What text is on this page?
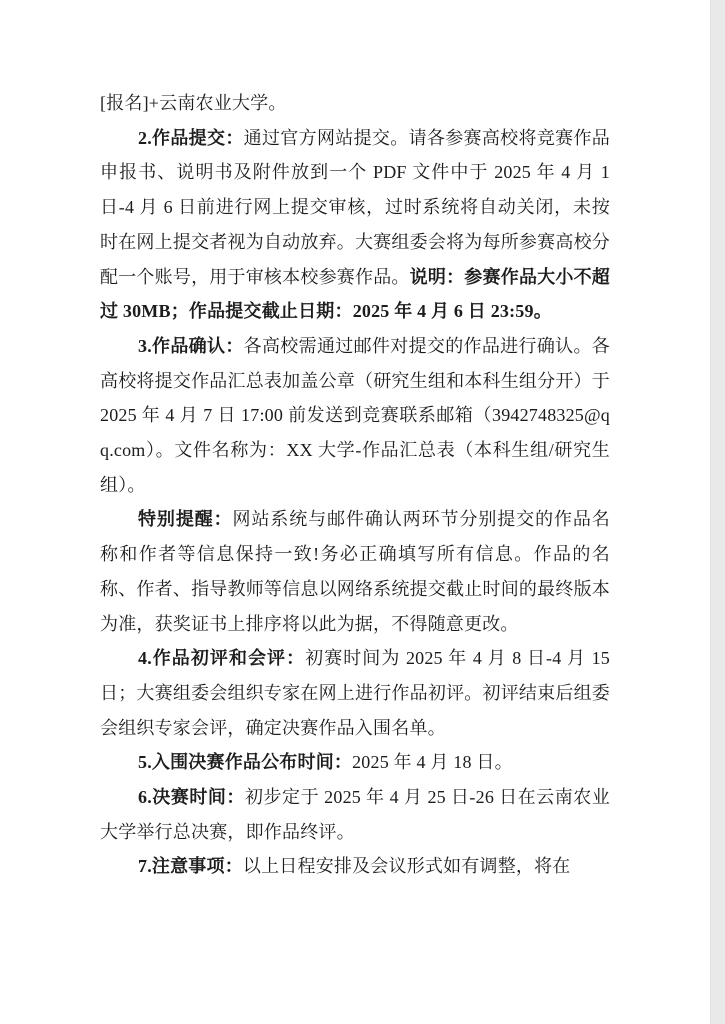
[报名]+云南农业大学。

2.作品提交：通过官方网站提交。请各参赛高校将竞赛作品申报书、说明书及附件放到一个 PDF 文件中于 2025 年 4 月 1 日-4 月 6 日前进行网上提交审核，过时系统将自动关闭，未按时在网上提交者视为自动放弃。大赛组委会将为每所参赛高校分配一个账号，用于审核本校参赛作品。说明：参赛作品大小不超过 30MB；作品提交截止日期：2025 年 4 月 6 日 23:59。

3.作品确认：各高校需通过邮件对提交的作品进行确认。各高校将提交作品汇总表加盖公章（研究生组和本科生组分开）于 2025 年 4 月 7 日 17:00 前发送到竞赛联系邮箱（3942748325@qq.com）。文件名称为：XX 大学-作品汇总表（本科生组/研究生组）。

特别提醒：网站系统与邮件确认两环节分别提交的作品名称和作者等信息保持一致!务必正确填写所有信息。作品的名称、作者、指导教师等信息以网络系统提交截止时间的最终版本为准，获奖证书上排序将以此为据，不得随意更改。

4.作品初评和会评：初赛时间为 2025 年 4 月 8 日-4 月 15 日；大赛组委会组织专家在网上进行作品初评。初评结束后组委会组织专家会评，确定决赛作品入围名单。

5.入围决赛作品公布时间：2025 年 4 月 18 日。

6.决赛时间：初步定于 2025 年 4 月 25 日-26 日在云南农业大学举行总决赛，即作品终评。

7.注意事项：以上日程安排及会议形式如有调整，将在
